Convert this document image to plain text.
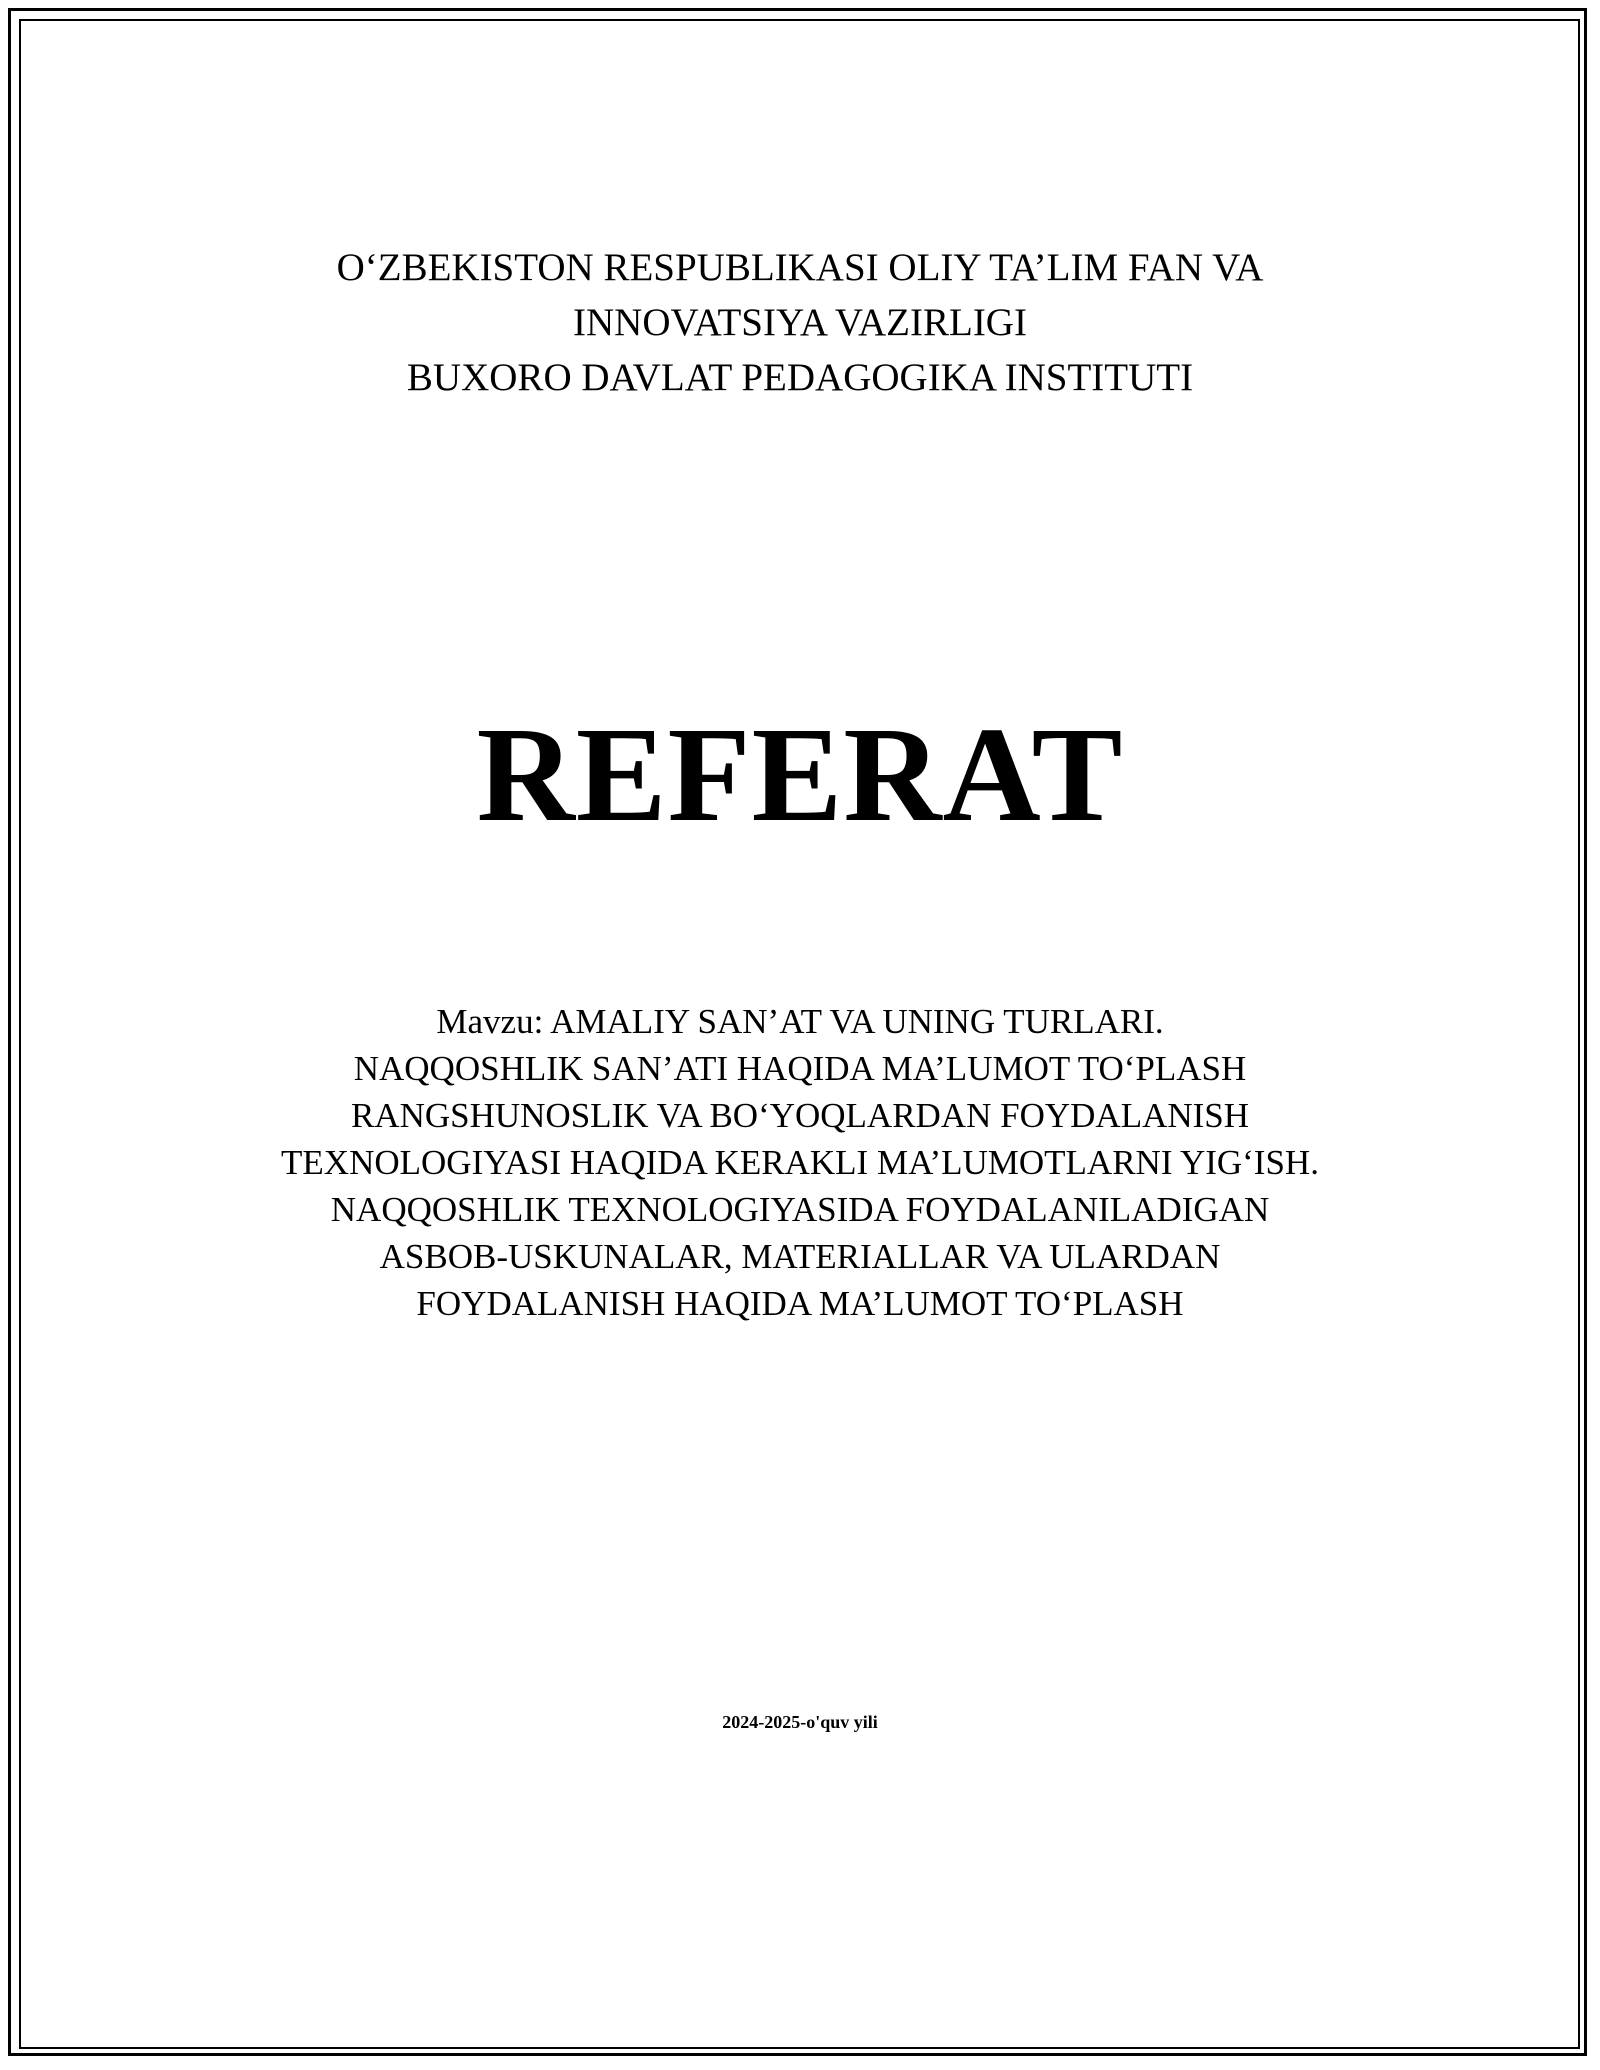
O‘ZBEKISTON RESPUBLIKASI OLIY TA’LIM FAN VA
INNOVATSIYA VAZIRLIGI
BUXORO DAVLAT PEDAGOGIKA INSTITUTI
REFERAT
Mavzu: AMALIY SAN’AT VA UNING TURLARI.
NAQQOSHLIK SAN’ATI HAQIDA MA’LUMOT TO‘PLASH
RANGSHUNOSLIK VA BO‘YOQLARDAN FOYDALANISH
TEXNOLOGIYASI HAQIDA KERAKLI MA’LUMOTLARNI YIG‘ISH.
NAQQOSHLIK TEXNOLOGIYASIDA FOYDALANILADIGAN
ASBOB-USKUNALAR, MATERIALLAR VA ULARDAN
FOYDALANISH HAQIDA MA’LUMOT TO‘PLASH
2024-2025-o'quv yili
